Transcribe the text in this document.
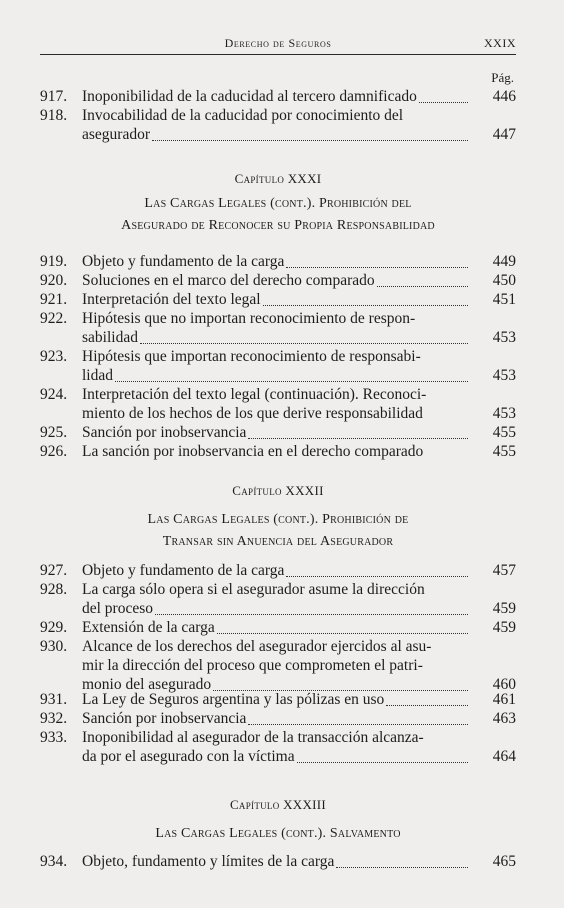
Derecho de Seguros	XXIX
Pág.
917. Inoponibilidad de la caducidad al tercero damnificado	446
918. Invocabilidad de la caducidad por conocimiento del
asegurador	447
Capítulo XXXI
Las Cargas Legales (cont.). Prohibición del
Asegurado de Reconocer su Propia Responsabilidad
919. Objeto y fundamento de la carga	449
920. Soluciones en el marco del derecho comparado	450
921. Interpretación del texto legal	451
922. Hipótesis que no importan reconocimiento de respon-
sabilidad	453
923. Hipótesis que importan reconocimiento de responsabi-
lidad	453
924. Interpretación del texto legal (continuación). Reconoci-
miento de los hechos de los que derive responsabilidad	453
925. Sanción por inobservancia	455
926. La sanción por inobservancia en el derecho comparado	455
Capítulo XXXII
Las Cargas Legales (cont.). Prohibición de
Transar sin Anuencia del Asegurador
927. Objeto y fundamento de la carga	457
928. La carga sólo opera si el asegurador asume la dirección
del proceso	459
929. Extensión de la carga	459
930. Alcance de los derechos del asegurador ejercidos al asu-
mir la dirección del proceso que comprometen el patri-
monio del asegurado	460
931. La Ley de Seguros argentina y las pólizas en uso	461
932. Sanción por inobservancia	463
933. Inoponibilidad al asegurador de la transacción alcanza-
da por el asegurado con la víctima	464
Capítulo XXXIII
Las Cargas Legales (cont.). Salvamento
934. Objeto, fundamento y límites de la carga	465
